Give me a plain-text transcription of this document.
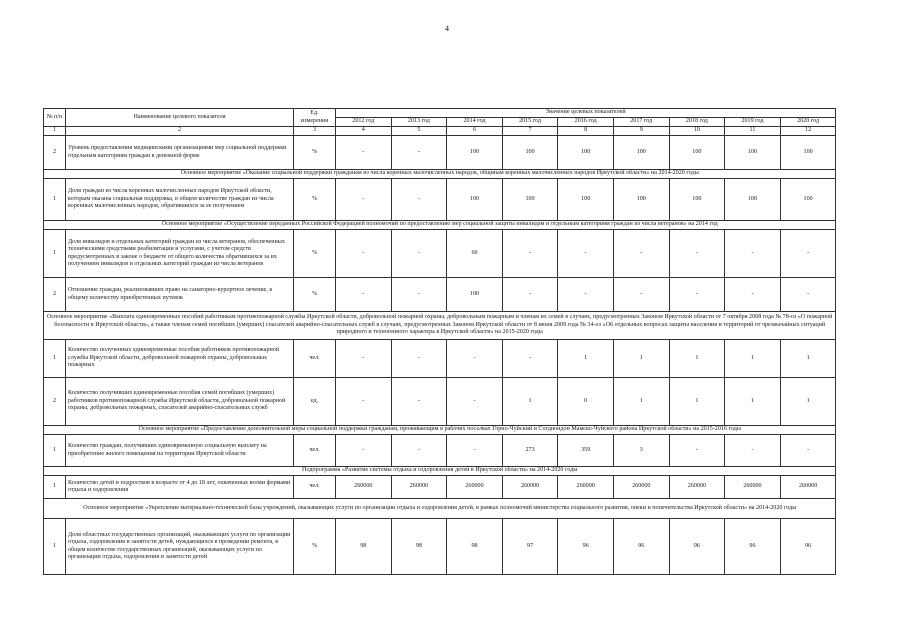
4
№ п/п	Наименование целевого показателя	Ед. измерения	Значение целевых показателей								
			2012 год	2013 год	2014 год	2015 год	2016 год	2017 год	2018 год	2019 год	2020 год
1	2	3	4	5	6	7	8	9	10	11	12
2	Уровень предоставления медицинскими организациями мер социальной поддержки отдельным категориям граждан в денежной форме	%	-	-	100	100	100	100	100	100	100
Основное мероприятие «Оказание социальной поддержки гражданам из числа коренных малочисленных народов, общинам коренных малочисленных народов Иркутской области» на 2014-2020 годы											
1	Доля граждан из числа коренных малочисленных народов Иркутской области, которым оказана социальная поддержка, в общем количестве граждан из числа коренных малочисленных народов, обратившихся за ее получением	%	-	-	100	100	100	100	100	100	100
Основное мероприятие «Осуществление переданных Российской Федерацией полномочий по предоставлению мер социальной защиты инвалидам и отдельным категориям граждан из числа ветеранов» на 2014 год											
1	Доля инвалидов и отдельных категорий граждан из числа ветеранов, обеспеченных техническими средствами реабилитации и услугами, с учетом средств предусмотренных в законе о бюджете от общего количества обратившихся за их получением инвалидов и отдельных категорий граждан из числа ветеранов	%	-	-	60	-	-	-	-	-	-
2	Отношение граждан, реализовавших право на санаторно-курортное лечение, к общему количеству приобретенных путевок	%	-	-	100	-	-	-	-	-	-
Основное мероприятие «Выплата единовременных пособий работникам противопожарной службы Иркутской области, добровольной пожарной охраны, добровольным пожарным и членам их семей в случаях, предусмотренных Законом Иркутской области от 7 октября 2008 года № 78-оз «О пожарной безопасности в Иркутской области», а также членам семей погибших (умерших) спасателей аварийно-спасательных служб в случаях, предусмотренных Законом Иркутской области от 8 июня 2009 года № 34-оз «Об отдельных вопросах защиты населения и территорий от чрезвычайных ситуаций природного и техногенного характера в Иркутской области» на 2015-2020 годы											
1	Количество полученных единовременные пособия работников противопожарной службы Иркутской области, добровольной пожарной охраны, добровольных пожарных	чел.	-	-	-	-	1	1	1	1	1
2	Количество получивших единовременные пособия семей погибших (умерших) работников противопожарной службы Иркутской области, добровольной пожарной охраны, добровольных пожарных, спасателей аварийно-спасательных служб	ед.	-	-	-	1	0	1	1	1	1
Основное мероприятие «Предоставление дополнительной меры социальной поддержки гражданам, проживающим в рабочих поселках Горно-Чуйский и Согдиондон Мамско-Чуйского района Иркутской области» на 2015-2016 годы											
1	Количество граждан, получивших единовременную социальную выплату на приобретение жилого помещения на территории Иркутской области	чел.	-	-	-	273	359	3	-	-	-
Подпрограмма «Развитие системы отдыха и оздоровления детей в Иркутской области» на 2014-2020 годы											
1	Количество детей и подростков в возрасте от 4 до 18 лет, охваченных всеми формами отдыха и оздоровления	чел.	260000	260000	260000	260000	260000	260000	260000	260000	260000
Основное мероприятие «Укрепление материально-технической базы учреждений, оказывающих услуги по организации отдыха и оздоровления детей, в рамках полномочий министерства социального развития, опеки и попечительства Иркутской области» на 2014-2020 годы											
1	Доля областных государственных организаций, оказывающих услуги по организации отдыха, оздоровления и занятости детей, нуждающихся в проведении ремонта, в общем количестве государственных организаций, оказывающих услуги по организации отдыха, оздоровления и занятости детей	%	98	98	98	97	96	96	96	96	96
